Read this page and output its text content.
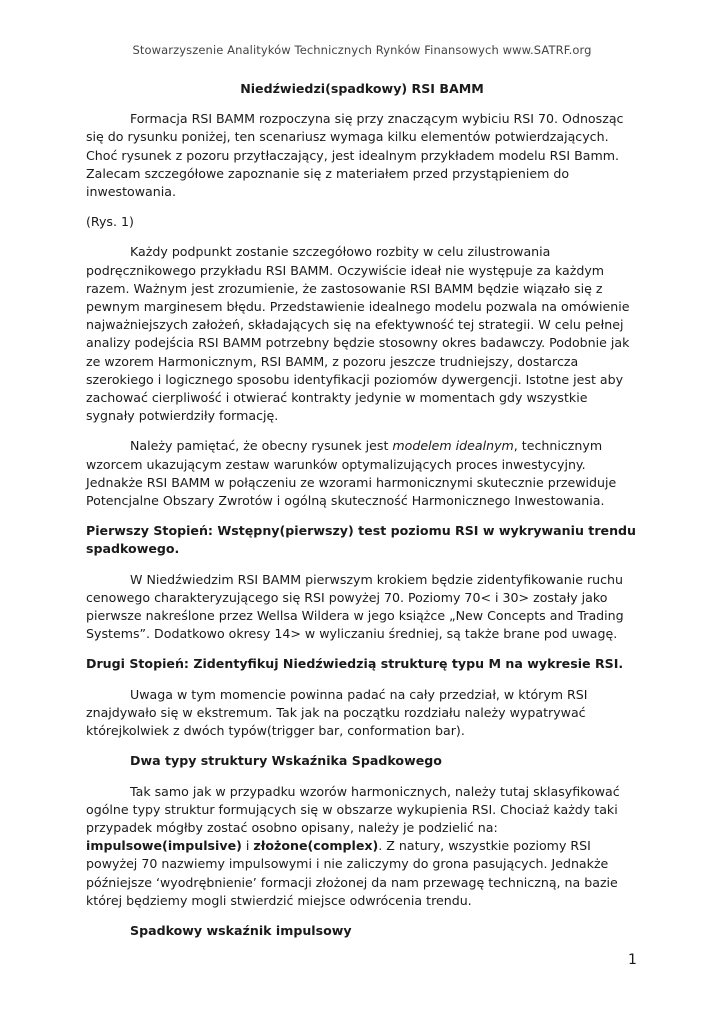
Stowarzyszenie Analityków Technicznych Rynków Finansowych www.SATRF.org
Niedźwiedzi(spadkowy) RSI BAMM

Formacja RSI BAMM rozpoczyna się przy znaczącym wybiciu RSI 70. Odnosząc się do rysunku poniżej, ten scenariusz wymaga kilku elementów potwierdzających. Choć rysunek z pozoru przytłaczający, jest idealnym przykładem modelu RSI Bamm. Zalecam szczegółowe zapoznanie się z materiałem przed przystąpieniem do inwestowania.

(Rys. 1)

Każdy podpunkt zostanie szczegółowo rozbity w celu zilustrowania podręcznikowego przykładu RSI BAMM. Oczywiście ideał nie występuje za każdym razem. Ważnym jest zrozumienie, że zastosowanie RSI BAMM będzie wiązało się z pewnym marginesem błędu. Przedstawienie idealnego modelu pozwala na omówienie najważniejszych założeń, składających się na efektywność tej strategii. W celu pełnej analizy podejścia RSI BAMM potrzebny będzie stosowny okres badawczy. Podobnie jak ze wzorem Harmonicznym, RSI BAMM, z pozoru jeszcze trudniejszy, dostarcza szerokiego i logicznego sposobu identyfikacji poziomów dywergencji. Istotne jest aby zachować cierpliwość i otwierać kontrakty jedynie w momentach gdy wszystkie sygnały potwierdziły formację.

Należy pamiętać, że obecny rysunek jest modelem idealnym, technicznym wzorcem ukazującym zestaw warunków optymalizujących proces inwestycyjny. Jednakże RSI BAMM w połączeniu ze wzorami harmonicznymi skutecznie przewiduje Potencjalne Obszary Zwrotów i ogólną skuteczność Harmonicznego Inwestowania.

Pierwszy Stopień: Wstępny(pierwszy) test poziomu RSI w wykrywaniu trendu spadkowego.

W Niedźwiedzim RSI BAMM pierwszym krokiem będzie zidentyfikowanie ruchu cenowego charakteryzującego się RSI powyżej 70. Poziomy 70< i 30> zostały jako pierwsze nakreślone przez Wellsa Wildera w jego książce „New Concepts and Trading Systems”. Dodatkowo okresy 14> w wyliczaniu średniej, są także brane pod uwagę.

Drugi Stopień: Zidentyfikuj Niedźwiedzią strukturę typu M na wykresie RSI.

Uwaga w tym momencie powinna padać na cały przedział, w którym RSI znajdywało się w ekstremum. Tak jak na początku rozdziału należy wypatrywać którejkolwiek z dwóch typów(trigger bar, conformation bar).

Dwa typy struktury Wskaźnika Spadkowego

Tak samo jak w przypadku wzorów harmonicznych, należy tutaj sklasyfikować ogólne typy struktur formujących się w obszarze wykupienia RSI. Chociaż każdy taki przypadek mógłby zostać osobno opisany, należy je podzielić na: impulsowe(impulsive) i złożone(complex). Z natury, wszystkie poziomy RSI powyżej 70 nazwiemy impulsowymi i nie zaliczymy do grona pasujących. Jednakże późniejsze ‘wyodrębnienie’ formacji złożonej da nam przewagę techniczną, na bazie której będziemy mogli stwierdzić miejsce odwrócenia trendu.

Spadkowy wskaźnik impulsowy
1
